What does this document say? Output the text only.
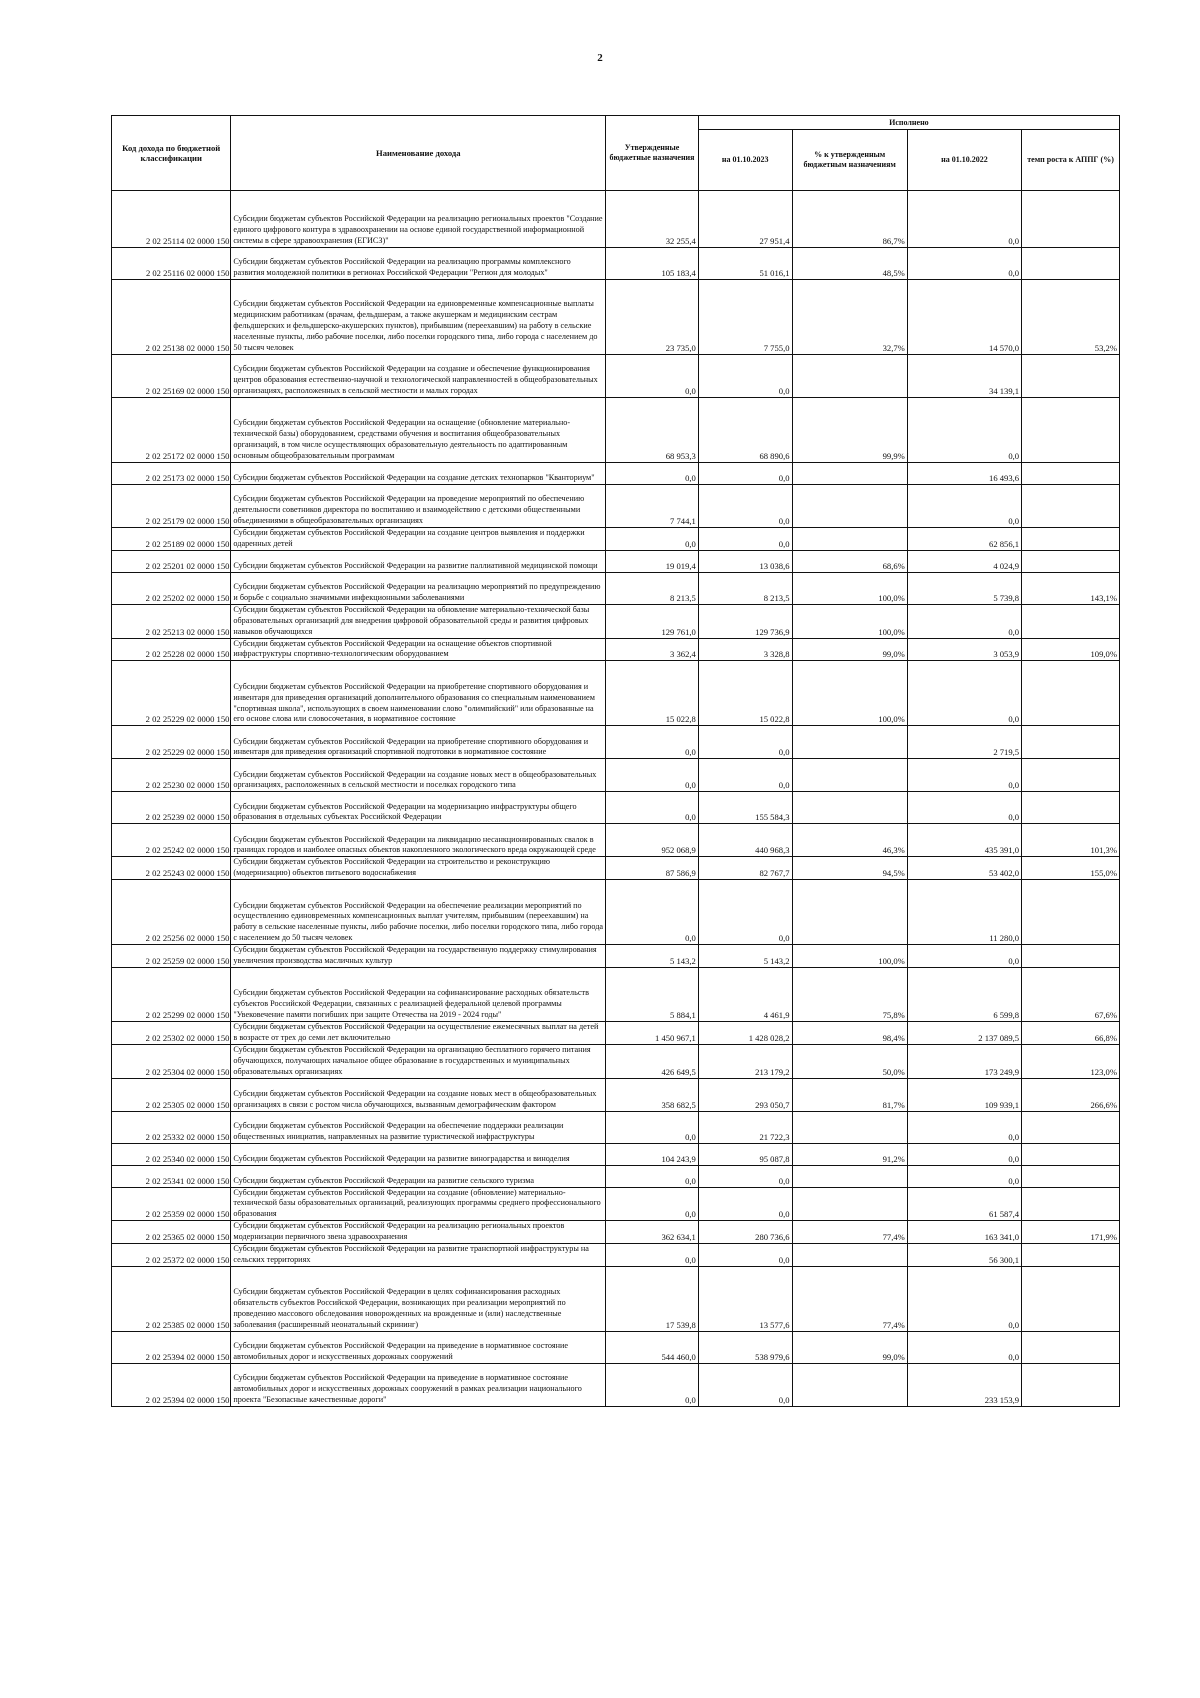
2
Код дохода по бюджетной классификации	Наименование дохода	Утвержденные бюджетные назначения	Исполнено			
			на 01.10.2023	% к утвержденным бюджетным назначениям	на 01.10.2022	темп роста к АППГ (%)
2 02 25114 02 0000 150	Субсидии бюджетам субъектов Российской Федерации на реализацию региональных проектов "Создание единого цифрового контура в здравоохранении на основе единой государственной информационной системы в сфере здравоохранения (ЕГИСЗ)"	32 255,4	27 951,4	86,7%	0,0	
2 02 25116 02 0000 150	Субсидии бюджетам субъектов Российской Федерации на реализацию программы комплексного развития молодежной политики в регионах Российской Федерации "Регион для молодых"	105 183,4	51 016,1	48,5%	0,0	
2 02 25138 02 0000 150	Субсидии бюджетам субъектов Российской Федерации на единовременные компенсационные выплаты медицинским работникам (врачам, фельдшерам, а также акушеркам и медицинским сестрам фельдшерских и фельдшерско-акушерских пунктов), прибывшим (переехавшим) на работу в сельские населенные пункты, либо рабочие поселки, либо поселки городского типа, либо города с населением до 50 тысяч человек	23 735,0	7 755,0	32,7%	14 570,0	53,2%
2 02 25169 02 0000 150	Субсидии бюджетам субъектов Российской Федерации на создание и обеспечение функционирования центров образования естественно-научной и технологической направленностей в общеобразовательных организациях, расположенных в сельской местности и малых городах	0,0	0,0		34 139,1	
2 02 25172 02 0000 150	Субсидии бюджетам субъектов Российской Федерации на оснащение (обновление материально-технической базы) оборудованием, средствами обучения и воспитания общеобразовательных организаций, в том числе осуществляющих образовательную деятельность по адаптированным основным общеобразовательным программам	68 953,3	68 890,6	99,9%	0,0	
2 02 25173 02 0000 150	Субсидии бюджетам субъектов Российской Федерации на создание детских технопарков "Кванториум"	0,0	0,0		16 493,6	
2 02 25179 02 0000 150	Субсидии бюджетам субъектов Российской Федерации на проведение мероприятий по обеспечению деятельности советников директора по воспитанию и взаимодействию с детскими общественными объединениями в общеобразовательных организациях	7 744,1	0,0		0,0	
2 02 25189 02 0000 150	Субсидии бюджетам субъектов Российской Федерации на создание центров выявления и поддержки одаренных детей	0,0	0,0		62 856,1	
2 02 25201 02 0000 150	Субсидии бюджетам субъектов Российской Федерации на развитие паллиативной медицинской помощи	19 019,4	13 038,6	68,6%	4 024,9	
2 02 25202 02 0000 150	Субсидии бюджетам субъектов Российской Федерации на реализацию мероприятий по предупреждению и борьбе с социально значимыми инфекционными заболеваниями	8 213,5	8 213,5	100,0%	5 739,8	143,1%
2 02 25213 02 0000 150	Субсидии бюджетам субъектов Российской Федерации на обновление материально-технической базы образовательных организаций для внедрения цифровой образовательной среды и развития цифровых навыков обучающихся	129 761,0	129 736,9	100,0%	0,0	
2 02 25228 02 0000 150	Субсидии бюджетам субъектов Российской Федерации на оснащение объектов спортивной инфраструктуры спортивно-технологическим оборудованием	3 362,4	3 328,8	99,0%	3 053,9	109,0%
2 02 25229 02 0000 150	Субсидии бюджетам субъектов Российской Федерации на приобретение спортивного оборудования и инвентаря для приведения организаций дополнительного образования со специальным наименованием "спортивная школа", использующих в своем наименовании слово "олимпийский" или образованные на его основе слова или словосочетания, в нормативное состояние	15 022,8	15 022,8	100,0%	0,0	
2 02 25229 02 0000 150	Субсидии бюджетам субъектов Российской Федерации на приобретение спортивного оборудования и инвентаря для приведения организаций спортивной подготовки в нормативное состояние	0,0	0,0		2 719,5	
2 02 25230 02 0000 150	Субсидии бюджетам субъектов Российской Федерации на создание новых мест в общеобразовательных организациях, расположенных в сельской местности и поселках городского типа	0,0	0,0		0,0	
2 02 25239 02 0000 150	Субсидии бюджетам субъектов Российской Федерации на модернизацию инфраструктуры общего образования в отдельных субъектах Российской Федерации	0,0	155 584,3		0,0	
2 02 25242 02 0000 150	Субсидии бюджетам субъектов Российской Федерации на ликвидацию несанкционированных свалок в границах городов и наиболее опасных объектов накопленного экологического вреда окружающей среде	952 068,9	440 968,3	46,3%	435 391,0	101,3%
2 02 25243 02 0000 150	Субсидии бюджетам субъектов Российской Федерации на строительство и реконструкцию (модернизацию) объектов питьевого водоснабжения	87 586,9	82 767,7	94,5%	53 402,0	155,0%
2 02 25256 02 0000 150	Субсидии бюджетам субъектов Российской Федерации на обеспечение реализации мероприятий по осуществлению единовременных компенсационных выплат учителям, прибывшим (переехавшим) на работу в сельские населенные пункты, либо рабочие поселки, либо поселки городского типа, либо города с населением до 50 тысяч человек	0,0	0,0		11 280,0	
2 02 25259 02 0000 150	Субсидии бюджетам субъектов Российской Федерации на государственную поддержку стимулирования увеличения производства масличных культур	5 143,2	5 143,2	100,0%	0,0	
2 02 25299 02 0000 150	Субсидии бюджетам субъектов Российской Федерации на софинансирование расходных обязательств субъектов Российской Федерации, связанных с реализацией федеральной целевой программы "Увековечение памяти погибших при защите Отечества на 2019 - 2024 годы"	5 884,1	4 461,9	75,8%	6 599,8	67,6%
2 02 25302 02 0000 150	Субсидии бюджетам субъектов Российской Федерации на осуществление ежемесячных выплат на детей в возрасте от трех до семи лет включительно	1 450 967,1	1 428 028,2	98,4%	2 137 089,5	66,8%
2 02 25304 02 0000 150	Субсидии бюджетам субъектов Российской Федерации на организацию бесплатного горячего питания обучающихся, получающих начальное общее образование в государственных и муниципальных образовательных организациях	426 649,5	213 179,2	50,0%	173 249,9	123,0%
2 02 25305 02 0000 150	Субсидии бюджетам субъектов Российской Федерации на создание новых мест в общеобразовательных организациях в связи с ростом числа обучающихся, вызванным демографическим фактором	358 682,5	293 050,7	81,7%	109 939,1	266,6%
2 02 25332 02 0000 150	Субсидии бюджетам субъектов Российской Федерации на обеспечение поддержки реализации общественных инициатив, направленных на развитие туристической инфраструктуры	0,0	21 722,3		0,0	
2 02 25340 02 0000 150	Субсидии бюджетам субъектов Российской Федерации на развитие виноградарства и виноделия	104 243,9	95 087,8	91,2%	0,0	
2 02 25341 02 0000 150	Субсидии бюджетам субъектов Российской Федерации на развитие сельского туризма	0,0	0,0		0,0	
2 02 25359 02 0000 150	Субсидии бюджетам субъектов Российской Федерации на создание (обновление) материально-технической базы образовательных организаций, реализующих программы среднего профессионального образования	0,0	0,0		61 587,4	
2 02 25365 02 0000 150	Субсидии бюджетам субъектов Российской Федерации на реализацию региональных проектов модернизации первичного звена здравоохранения	362 634,1	280 736,6	77,4%	163 341,0	171,9%
2 02 25372 02 0000 150	Субсидии бюджетам субъектов Российской Федерации на развитие транспортной инфраструктуры на сельских территориях	0,0	0,0		56 300,1	
2 02 25385 02 0000 150	Субсидии бюджетам субъектов Российской Федерации в целях софинансирования расходных обязательств субъектов Российской Федерации, возникающих при реализации мероприятий по проведению массового обследования новорожденных на врожденные и (или) наследственные заболевания (расширенный неонатальный скрининг)	17 539,8	13 577,6	77,4%	0,0	
2 02 25394 02 0000 150	Субсидии бюджетам субъектов Российской Федерации на приведение в нормативное состояние автомобильных дорог и искусственных дорожных сооружений	544 460,0	538 979,6	99,0%	0,0	
2 02 25394 02 0000 150	Субсидии бюджетам субъектов Российской Федерации на приведение в нормативное состояние автомобильных дорог и искусственных дорожных сооружений в рамках реализации национального проекта "Безопасные качественные дороги"	0,0	0,0		233 153,9	
